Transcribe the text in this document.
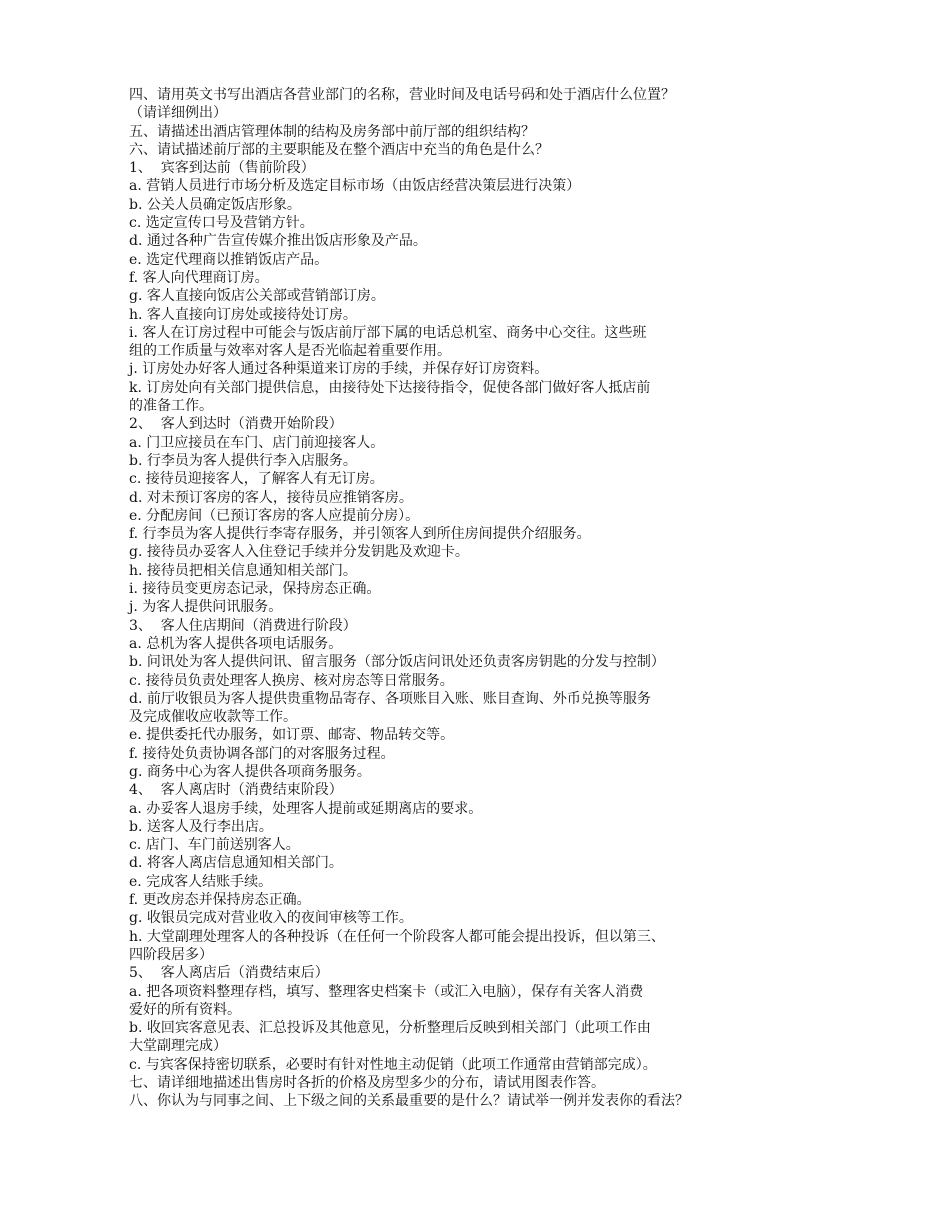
四、请用英文书写出酒店各营业部门的名称，营业时间及电话号码和处于酒店什么位置？
（请详细例出）
五、请描述出酒店管理体制的结构及房务部中前厅部的组织结构？
六、请试描述前厅部的主要职能及在整个酒店中充当的角色是什么？
1、  宾客到达前（售前阶段）
a. 营销人员进行市场分析及选定目标市场（由饭店经营决策层进行决策）
b. 公关人员确定饭店形象。
c. 选定宣传口号及营销方针。
d. 通过各种广告宣传媒介推出饭店形象及产品。
e. 选定代理商以推销饭店产品。
f. 客人向代理商订房。
g. 客人直接向饭店公关部或营销部订房。
h. 客人直接向订房处或接待处订房。
i. 客人在订房过程中可能会与饭店前厅部下属的电话总机室、商务中心交往。这些班
组的工作质量与效率对客人是否光临起着重要作用。
j. 订房处办好客人通过各种渠道来订房的手续，并保存好订房资料。
k. 订房处向有关部门提供信息，由接待处下达接待指令，促使各部门做好客人抵店前
的准备工作。
2、  客人到达时（消费开始阶段）
a. 门卫应接员在车门、店门前迎接客人。
b. 行李员为客人提供行李入店服务。
c. 接待员迎接客人，了解客人有无订房。
d. 对未预订客房的客人，接待员应推销客房。
e. 分配房间（已预订客房的客人应提前分房）。
f. 行李员为客人提供行李寄存服务，并引领客人到所住房间提供介绍服务。
g. 接待员办妥客人入住登记手续并分发钥匙及欢迎卡。
h. 接待员把相关信息通知相关部门。
i. 接待员变更房态记录，保持房态正确。
j. 为客人提供问讯服务。
3、  客人住店期间（消费进行阶段）
a. 总机为客人提供各项电话服务。
b. 问讯处为客人提供问讯、留言服务（部分饭店问讯处还负责客房钥匙的分发与控制）
c. 接待员负责处理客人换房、核对房态等日常服务。
d. 前厅收银员为客人提供贵重物品寄存、各项账目入账、账目查询、外币兑换等服务
及完成催收应收款等工作。
e. 提供委托代办服务，如订票、邮寄、物品转交等。
f. 接待处负责协调各部门的对客服务过程。
g. 商务中心为客人提供各项商务服务。
4、  客人离店时（消费结束阶段）
a. 办妥客人退房手续，处理客人提前或延期离店的要求。
b. 送客人及行李出店。
c. 店门、车门前送别客人。
d. 将客人离店信息通知相关部门。
e. 完成客人结账手续。
f. 更改房态并保持房态正确。
g. 收银员完成对营业收入的夜间审核等工作。
h. 大堂副理处理客人的各种投诉（在任何一个阶段客人都可能会提出投诉，但以第三、
四阶段居多）
5、  客人离店后（消费结束后）
a. 把各项资料整理存档，填写、整理客史档案卡（或汇入电脑），保存有关客人消费
爱好的所有资料。
b. 收回宾客意见表、汇总投诉及其他意见，分析整理后反映到相关部门（此项工作由
大堂副理完成）
c. 与宾客保持密切联系，必要时有针对性地主动促销（此项工作通常由营销部完成）。
七、请详细地描述出售房时各折的价格及房型多少的分布，请试用图表作答。
八、你认为与同事之间、上下级之间的关系最重要的是什么？请试举一例并发表你的看法？
